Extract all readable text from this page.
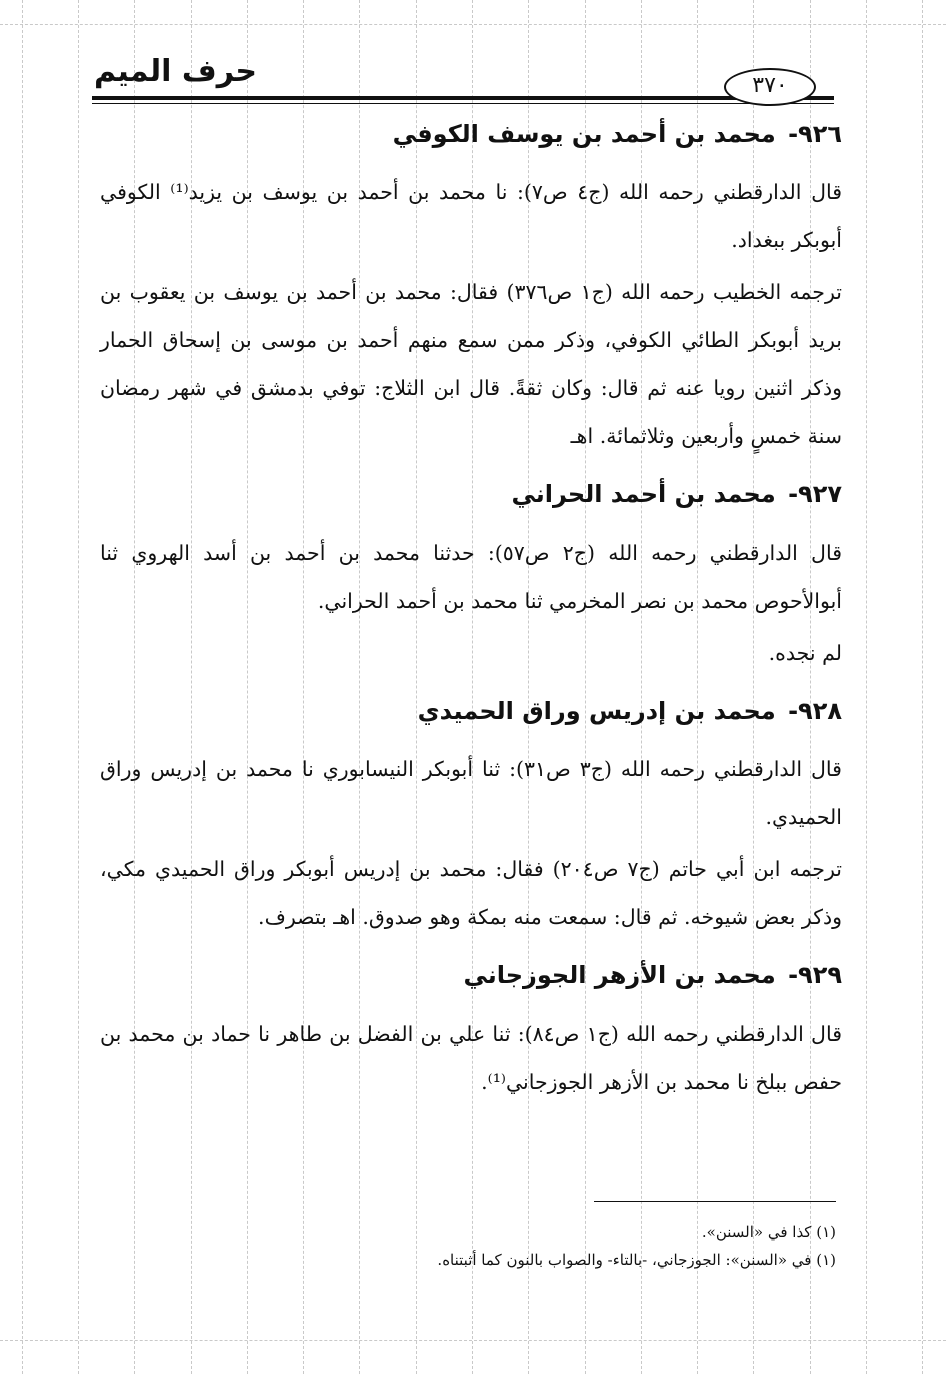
حرف الميم	٣٧٠
٩٢٦- محمد بن أحمد بن يوسف الكوفي

قال الدارقطني رحمه الله (ج٤ ص٧): نا محمد بن أحمد بن يوسف بن يزيد⁽¹⁾ الكوفي أبوبكر ببغداد.

ترجمه الخطيب رحمه الله (ج١ ص٣٧٦) فقال: محمد بن أحمد بن يوسف بن يعقوب بن بريد أبوبكر الطائي الكوفي، وذكر ممن سمع منهم أحمد بن موسى بن إسحاق الحمار وذكر اثنين رويا عنه ثم قال: وكان ثقةً. قال ابن الثلاج: توفي بدمشق في شهر رمضان سنة خمسٍ وأربعين وثلاثمائة. اهـ

٩٢٧- محمد بن أحمد الحراني

قال الدارقطني رحمه الله (ج٢ ص٥٧): حدثنا محمد بن أحمد بن أسد الهروي ثنا أبوالأحوص محمد بن نصر المخرمي ثنا محمد بن أحمد الحراني.

لم نجده.

٩٢٨- محمد بن إدريس وراق الحميدي

قال الدارقطني رحمه الله (ج٣ ص٣١): ثنا أبوبكر النيسابوري نا محمد بن إدريس وراق الحميدي.

ترجمه ابن أبي حاتم (ج٧ ص٢٠٤) فقال: محمد بن إدريس أبوبكر وراق الحميدي مكي، وذكر بعض شيوخه. ثم قال: سمعت منه بمكة وهو صدوق. اهـ بتصرف.

٩٢٩- محمد بن الأزهر الجوزجاني

قال الدارقطني رحمه الله (ج١ ص٨٤): ثنا علي بن الفضل بن طاهر نا حماد بن محمد بن حفص ببلخ نا محمد بن الأزهر الجوزجاني⁽¹⁾.

(١) كذا في «السنن».

(١) في «السنن»: الجوزجاني، -بالتاء- والصواب بالنون كما أثبتناه.
